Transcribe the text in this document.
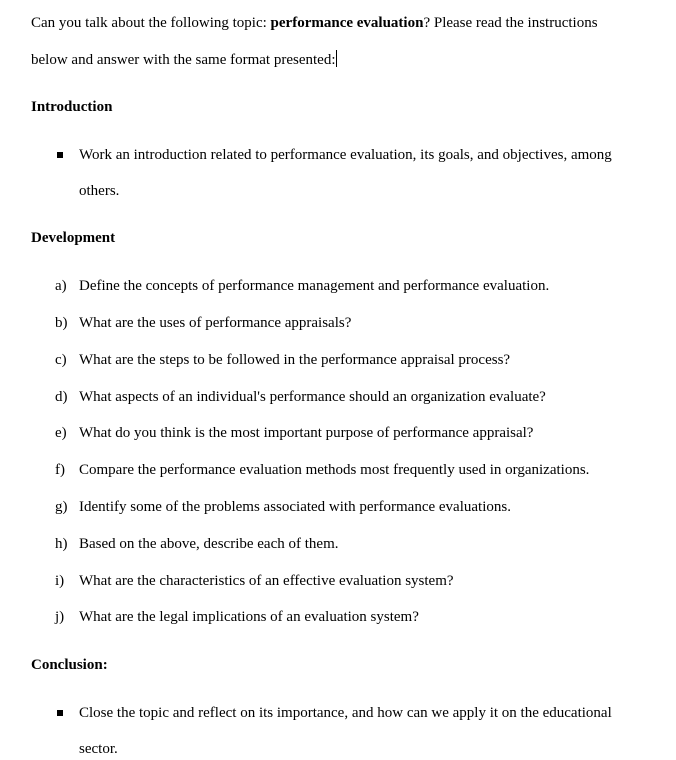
Can you talk about the following topic: performance evaluation? Please read the instructions
below and answer with the same format presented:
Introduction
Work an introduction related to performance evaluation, its goals, and objectives, among
others.
Development
a) Define the concepts of performance management and performance evaluation.
b) What are the uses of performance appraisals?
c) What are the steps to be followed in the performance appraisal process?
d) What aspects of an individual's performance should an organization evaluate?
e) What do you think is the most important purpose of performance appraisal?
f) Compare the performance evaluation methods most frequently used in organizations.
g) Identify some of the problems associated with performance evaluations.
h) Based on the above, describe each of them.
i) What are the characteristics of an effective evaluation system?
j) What are the legal implications of an evaluation system?
Conclusion:
Close the topic and reflect on its importance, and how can we apply it on the educational
sector.
